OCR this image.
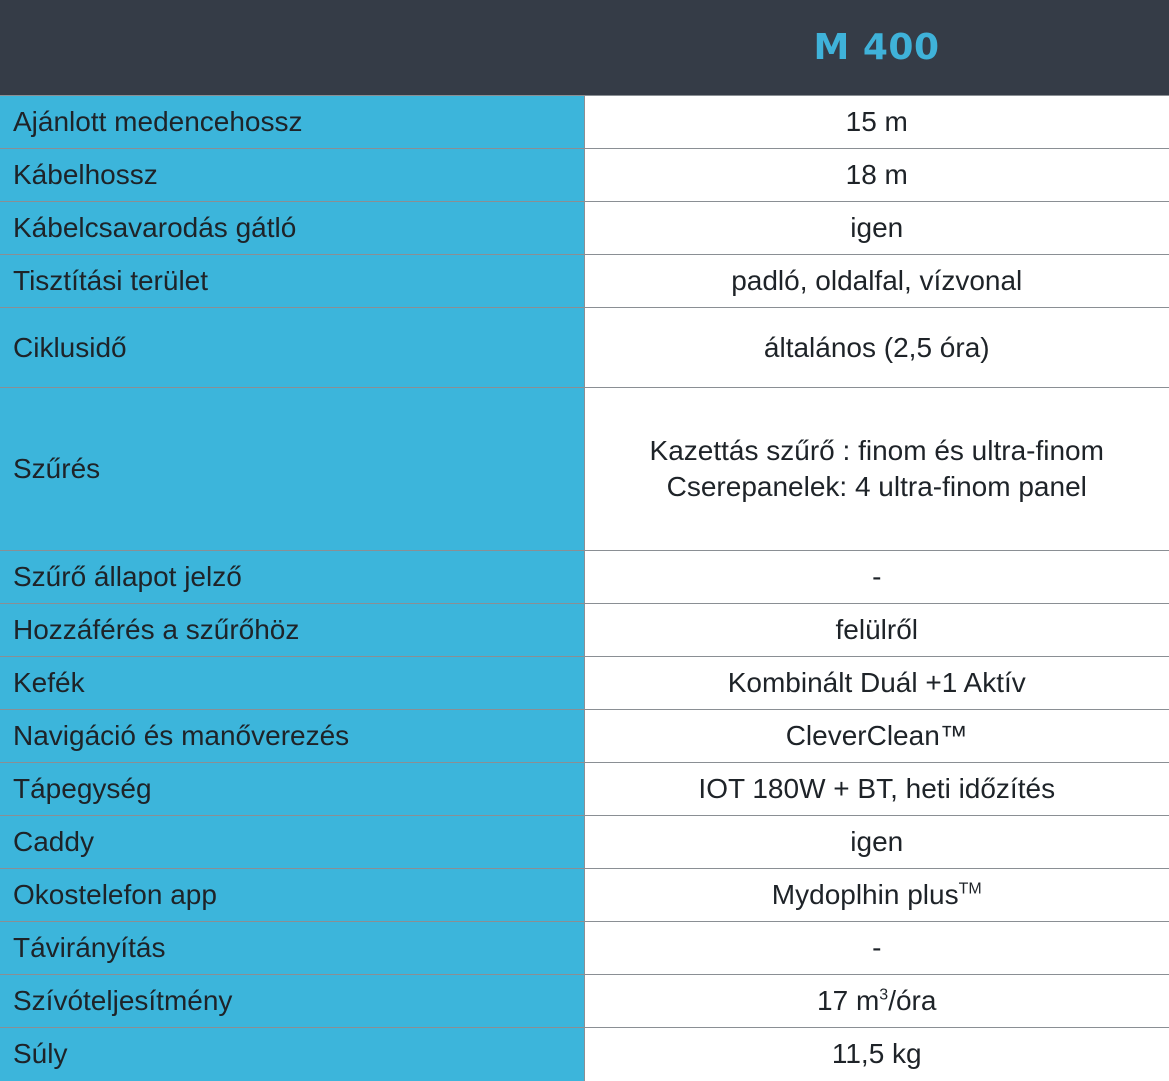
	M 400
Ajánlott medencehossz	15 m
Kábelhossz	18 m
Kábelcsavarodás gátló	igen
Tisztítási terület	padló, oldalfal, vízvonal
Ciklusidő	általános (2,5 óra)
Szűrés	Kazettás szűrő : finom és ultra-finom
Cserepanelek: 4 ultra-finom panel

Szűrő állapot jelző	-
Hozzáférés a szűrőhöz	felülről
Kefék	Kombinált Duál +1 Aktív
Navigáció és manőverezés	CleverClean™
Tápegység	IOT 180W + BT, heti időzítés
Caddy	igen
Okostelefon app	Mydoplhin plus™
Távirányítás	-
Szívóteljesítmény	17 $m^3$/óra
Súly	11,5 kg
